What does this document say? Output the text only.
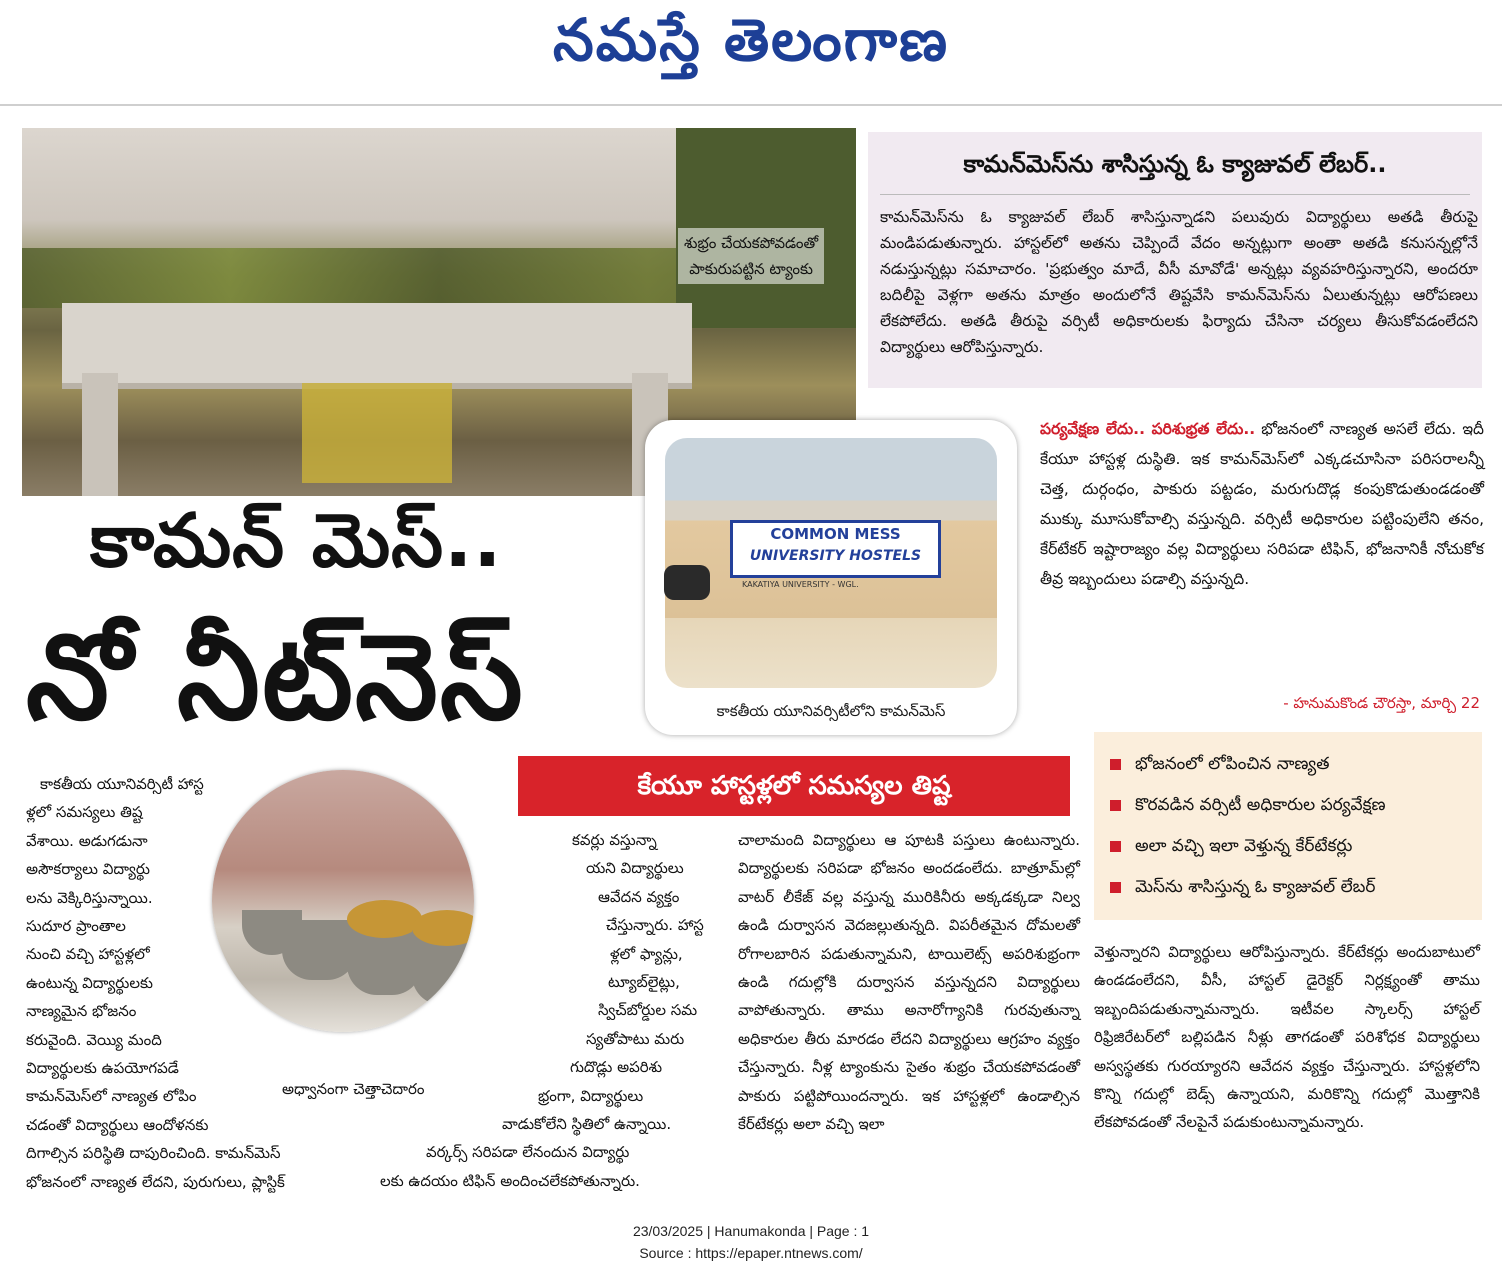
నమస్తే తెలంగాణ
శుభ్రం చేయకపోవడంతో
పాకురుపట్టిన ట్యాంకు
కామన్‌మెస్‌ను శాసిస్తున్న ఓ క్యాజువల్ లేబర్..
కామన్‌మెస్‌ను ఓ క్యాజువల్ లేబర్ శాసిస్తున్నాడని పలువురు విద్యార్థులు అతడి తీరుపై మండిపడుతున్నారు. హాస్టల్‌లో అతను చెప్పిందే వేదం అన్నట్లుగా అంతా అతడి కనుసన్నల్లోనే నడుస్తున్నట్లు సమాచారం. 'ప్రభుత్వం మాదే, వీసీ మావోడే' అన్నట్లు వ్యవహరిస్తున్నారని, అందరూ బదిలీపై వెళ్లగా అతను మాత్రం అందులోనే తిష్టవేసి కామన్‌మెస్‌ను ఏలుతున్నట్లు ఆరోపణలు లేకపోలేదు. అతడి తీరుపై వర్సిటీ అధికారులకు ఫిర్యాదు చేసినా చర్యలు తీసుకోవడంలేదని విద్యార్థులు ఆరోపిస్తున్నారు.
పర్యవేక్షణ లేదు.. పరిశుభ్రత లేదు.. భోజనంలో నాణ్యత అసలే లేదు. ఇదీ కేయూ హాస్టళ్ల దుస్థితి. ఇక కామన్‌మెస్‌లో ఎక్కడచూసినా పరిసరాలన్నీ చెత్త, దుర్గంధం, పాకురు పట్టడం, మరుగుదొడ్ల కంపుకొడుతుండడంతో ముక్కు మూసుకోవాల్సి వస్తున్నది. వర్సిటీ అధికారుల పట్టింపులేని తనం, కేర్‌టేకర్ ఇష్టారాజ్యం వల్ల విద్యార్థులు సరిపడా టిఫిన్, భోజనానికీ నోచుకోక తీవ్ర ఇబ్బందులు పడాల్సి వస్తున్నది.
- హనుమకొండ చౌరస్తా, మార్చి 22
COMMON MESS
UNIVERSITY HOSTELS
KAKATIYA UNIVERSITY - WGL.
కాకతీయ యూనివర్సిటీలోని కామన్‌మెస్
కామన్ మెస్..
నో నీట్‌నెస్
భోజనంలో లోపించిన నాణ్యత
కొరవడిన వర్సిటీ అధికారుల పర్యవేక్షణ
అలా వచ్చి ఇలా వెళ్తున్న కేర్‌టేకర్లు
మెస్‌ను శాసిస్తున్న ఓ క్యాజువల్ లేబర్
కేయూ హాస్టళ్లలో సమస్యల తిష్ట
అధ్వానంగా చెత్తాచెదారం
కాకతీయ యూనివర్సిటీ హాస్ట
ళ్లలో సమస్యలు తిష్ట
వేశాయి. అడుగడునా
అసౌకర్యాలు విద్యార్థు
లను వెక్కిరిస్తున్నాయి.
సుదూర ప్రాంతాల
నుంచి వచ్చి హాస్టళ్లలో
ఉంటున్న విద్యార్థులకు
నాణ్యమైన భోజనం
కరువైంది. వెయ్యి మంది
విద్యార్థులకు ఉపయోగపడే
కామన్‌మెస్‌లో నాణ్యత లోపిం
చడంతో విద్యార్థులు ఆందోళనకు
దిగాల్సిన పరిస్థితి దాపురించింది. కామన్‌మెస్
భోజనంలో నాణ్యత లేదని, పురుగులు, ప్లాస్టిక్
కవర్లు వస్తున్నా
యని విద్యార్థులు
ఆవేదన వ్యక్తం
చేస్తున్నారు. హాస్ట
ళ్లలో ఫ్యాన్లు,
ట్యూబ్‌లైట్లు,
స్విచ్‌బోర్డుల సమ
స్యతోపాటు మరు
గుదొడ్లు అపరిశు
భ్రంగా, విద్యార్థులు
వాడుకోలేని స్థితిలో ఉన్నాయి.
వర్కర్స్ సరిపడా లేనందున విద్యార్థు
లకు ఉదయం టిఫిన్ అందించలేకపోతున్నారు.
చాలామంది విద్యార్థులు ఆ పూటకి పస్తులు ఉంటున్నారు. విద్యార్థులకు సరిపడా భోజనం అందడంలేదు. బాత్రూమ్‌ల్లో వాటర్ లీకేజ్ వల్ల వస్తున్న మురికినీరు అక్కడక్కడా నిల్వ ఉండి దుర్వాసన వెదజల్లుతున్నది. విపరీతమైన దోమలతో రోగాలబారిన పడుతున్నామని, టాయిలెట్స్ అపరిశుభ్రంగా ఉండి గదుల్లోకి దుర్వాసన వస్తున్నదని విద్యార్థులు వాపోతున్నారు. తాము అనారోగ్యానికి గురవుతున్నా అధికారుల తీరు మారడం లేదని విద్యార్థులు ఆగ్రహం వ్యక్తం చేస్తున్నారు. నీళ్ల ట్యాంకును సైతం శుభ్రం చేయకపోవడంతో పాకురు పట్టిపోయిందన్నారు. ఇక హాస్టళ్లలో ఉండాల్సిన కేర్‌టేకర్లు అలా వచ్చి ఇలా
వెళ్తున్నారని విద్యార్థులు ఆరోపిస్తున్నారు. కేర్‌టేకర్లు అందుబాటులో ఉండడంలేదని, వీసీ, హాస్టల్ డైరెక్టర్ నిర్లక్ష్యంతో తాము ఇబ్బందిపడుతున్నామన్నారు. ఇటీవల స్కాలర్స్ హాస్టల్ రిఫ్రిజిరేటర్‌లో బల్లిపడిన నీళ్లు తాగడంతో పరిశోధక విద్యార్థులు అస్వస్థతకు గురయ్యారని ఆవేదన వ్యక్తం చేస్తున్నారు. హాస్టళ్లలోని కొన్ని గదుల్లో బెడ్స్ ఉన్నాయని, మరికొన్ని గదుల్లో మొత్తానికి లేకపోవడంతో నేలపైనే పడుకుంటున్నామన్నారు.
23/03/2025 | Hanumakonda | Page : 1
Source : https://epaper.ntnews.com/
